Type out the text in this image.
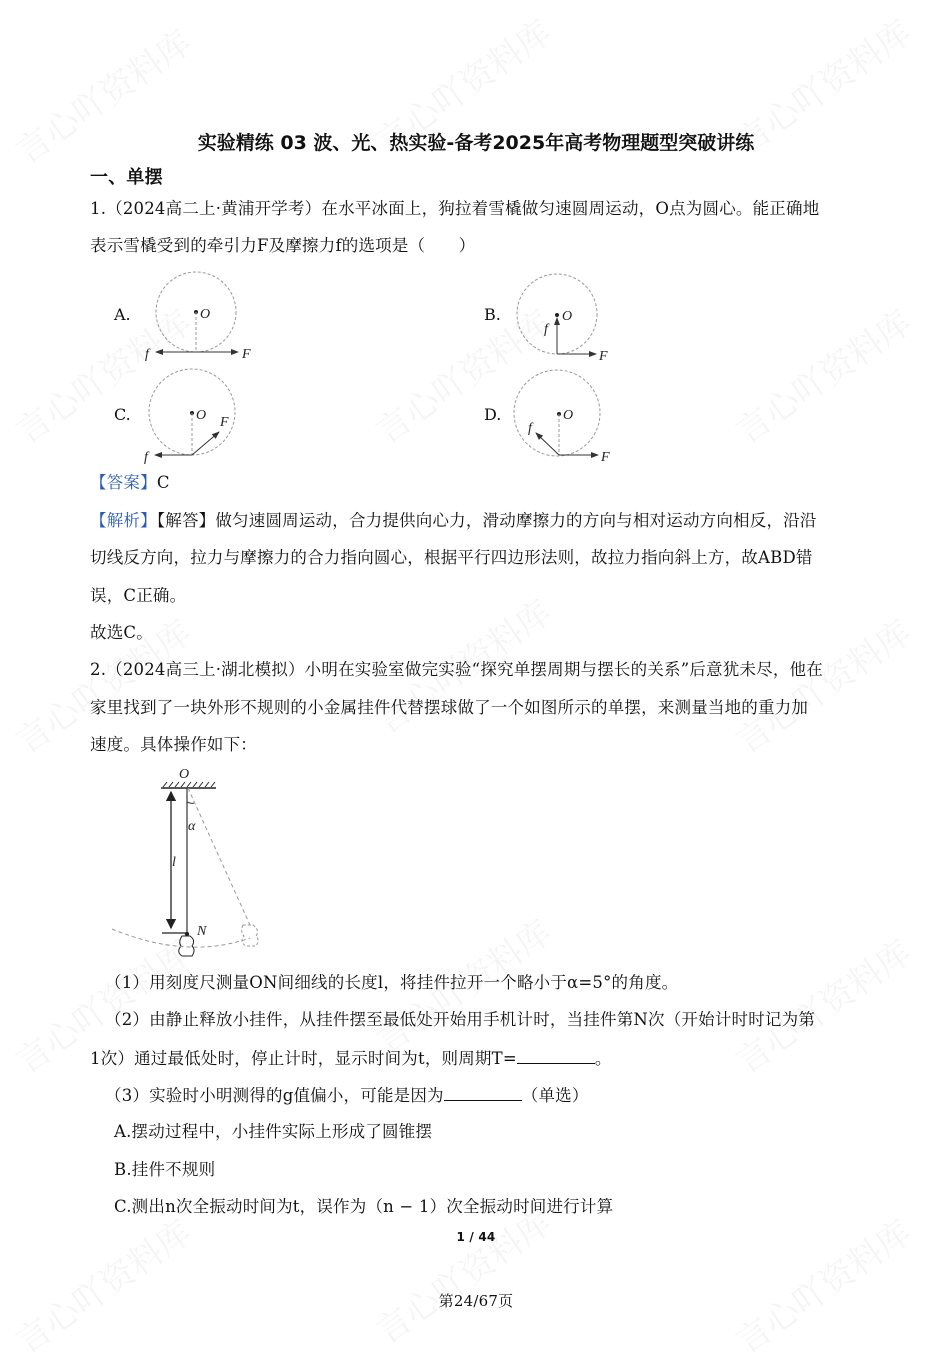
实验精练 03 波、光、热实验-备考2025年高考物理题型突破讲练
一、单摆
1.（2024高二上·黄浦开学考）在水平冰面上，狗拉着雪橇做匀速圆周运动，O点为圆心。能正确地
表示雪橇受到的牵引力F及摩擦力f的选项是（　　）
A.	B.
C.	D.
O
f	F
O
f
F
O
f
F	O
f
F
【答案】C
【解析】【解答】做匀速圆周运动，合力提供向心力，滑动摩擦力的方向与相对运动方向相反，沿沿
切线反方向，拉力与摩擦力的合力指向圆心，根据平行四边形法则，故拉力指向斜上方，故ABD错
误，C正确。
故选C。
2.（2024高三上·湖北模拟）小明在实验室做完实验“探究单摆周期与摆长的关系”后意犹未尽，他在
家里找到了一块外形不规则的小金属挂件代替摆球做了一个如图所示的单摆，来测量当地的重力加
速度。具体操作如下：
O
α
l
N
（1）用刻度尺测量ON间细线的长度l，将挂件拉开一个略小于α=5°的角度。
（2）由静止释放小挂件，从挂件摆至最低处开始用手机计时，当挂件第N次（开始计时时记为第
1次）通过最低处时，停止计时，显示时间为t，则周期T=	。
（3）实验时小明测得的g值偏小，可能是因为	（单选）
A.摆动过程中，小挂件实际上形成了圆锥摆
B.挂件不规则
C.测出n次全振动时间为t，误作为（n − 1）次全振动时间进行计算
1 / 44
第24/67页
